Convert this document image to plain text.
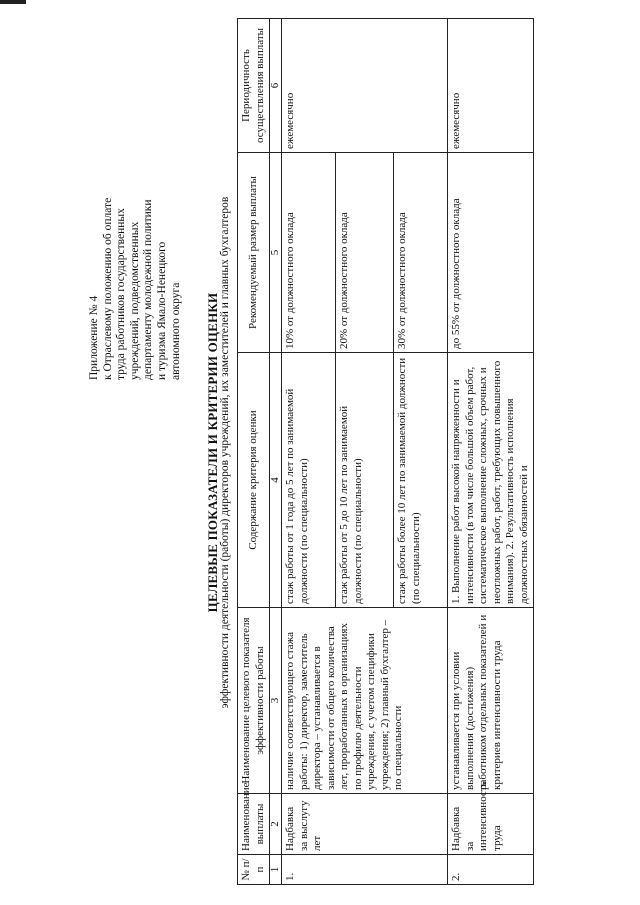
Приложение № 4 к Отраслевому положению об оплате труда работников государственных учреждений, подведомственных департаменту молодежной политики и туризма Ямало-Ненецкого автономного округа ЦЕЛЕВЫЕ ПОКАЗАТЕЛИ И КРИТЕРИИ ОЦЕНКИ эффективности деятельности (работы) директоров учреждений, их заместителей и главных бухгалтеров
№ п/п	Наименование выплаты	Наименование целевого показателя эффективности работы	Содержание критерия оценки	Рекомендуемый размер выплаты	Периодичность осуществления выплаты
1	2	3	4	5	6
1.	Надбавка за выслугу лет	наличие соответствующего стажа работы: 1) директор, заместитель директора – устанавливается в зависимости от общего количества лет, проработанных в организациях по профилю деятельности учреждения, с учетом специфики учреждения; 2) главный бухгалтер – по специальности	стаж работы от 1 года до 5 лет по занимаемой должности (по специальности)	10% от должностного оклада	ежемесячно
			стаж работы от 5 до 10 лет по занимаемой должности (по специальности)	20% от должностного оклада	
			стаж работы более 10 лет по занимаемой должности (по специальности)	30% от должностного оклада	
2.	Надбавка за интенсивность труда	устанавливается при условии выполнения (достижения) работником отдельных показателей и критериев интенсивности труда	1. Выполнение работ высокой напряженности и интенсивности (в том числе большой объем работ, систематическое выполнение сложных, срочных и неотложных работ, работ, требующих повышенного внимания). 2. Результативность исполнения должностных обязанностей и	до 55% от должностного оклада	ежемесячно
